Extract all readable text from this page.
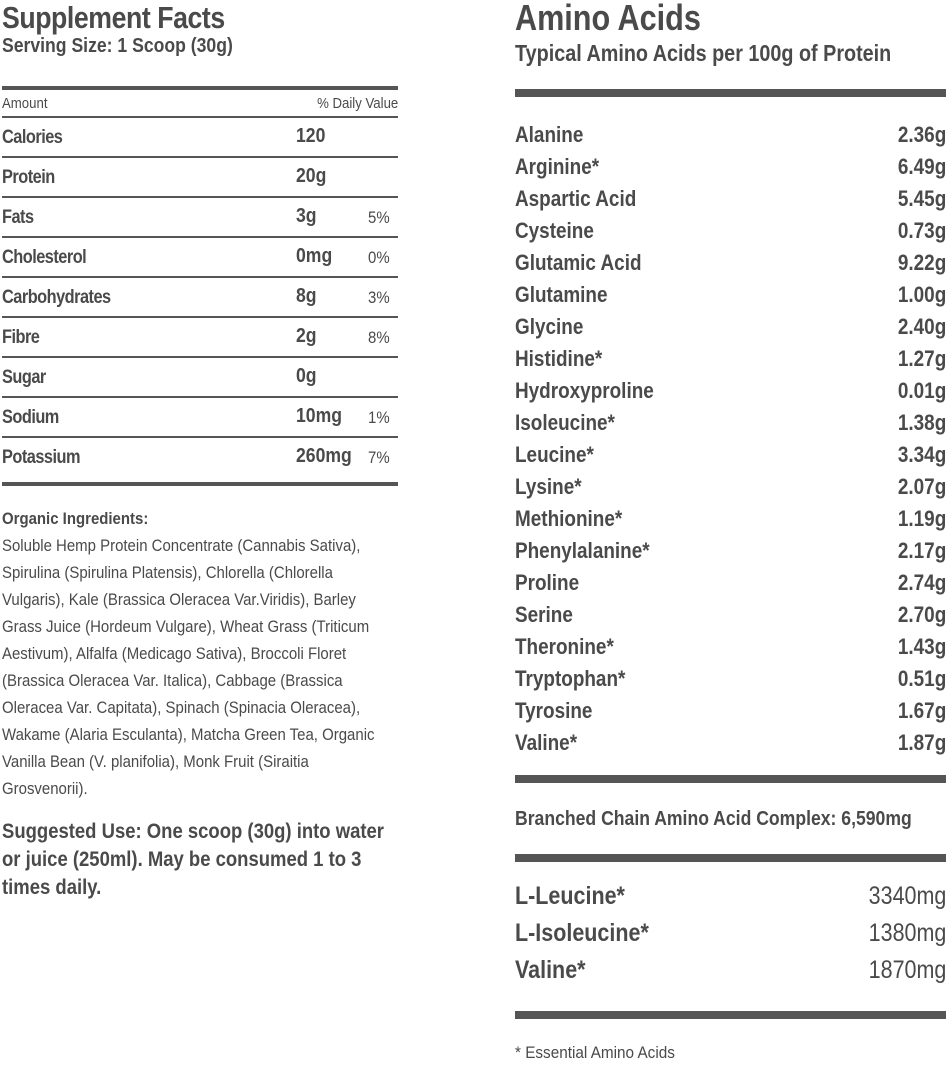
Supplement Facts
Serving Size: 1 Scoop (30g)
Amount	% Daily Value
Calories	120
Protein	20g
Fats	3g	5%
Cholesterol	0mg 0%
Carbohydrates	8g	3%
Fibre	2g	8%
Sugar	0g
Sodium	10mg 1%
Potassium	260mg 7%
Organic Ingredients:
Soluble Hemp Protein Concentrate (Cannabis Sativa), Spirulina (Spirulina Platensis), Chlorella (Chlorella Vulgaris), Kale (Brassica Oleracea Var.Viridis), Barley Grass Juice (Hordeum Vulgare), Wheat Grass (Triticum Aestivum), Alfalfa (Medicago Sativa), Broccoli Floret (Brassica Oleracea Var. Italica), Cabbage (Brassica Oleracea Var. Capitata), Spinach (Spinacia Oleracea), Wakame (Alaria Esculanta), Matcha Green Tea, Organic Vanilla Bean (V. planifolia), Monk Fruit (Siraitia Grosvenorii).
Suggested Use: One scoop (30g) into water or juice (250ml). May be consumed 1 to 3 times daily.
Amino Acids
Typical Amino Acids per 100g of Protein
Alanine	2.36g
Arginine*	6.49g
Aspartic Acid	5.45g
Cysteine	0.73g
Glutamic Acid	9.22g
Glutamine	1.00g
Glycine	2.40g
Histidine*	1.27g
Hydroxyproline	0.01g
Isoleucine*	1.38g
Leucine*	3.34g
Lysine*	2.07g
Methionine*	1.19g
Phenylalanine*	2.17g
Proline	2.74g
Serine	2.70g
Theronine*	1.43g
Tryptophan*	0.51g
Tyrosine	1.67g
Valine*	1.87g
Branched Chain Amino Acid Complex: 6,590mg
L-Leucine*	3340mg
L-Isoleucine*	1380mg
Valine*	1870mg
* Essential Amino Acids
